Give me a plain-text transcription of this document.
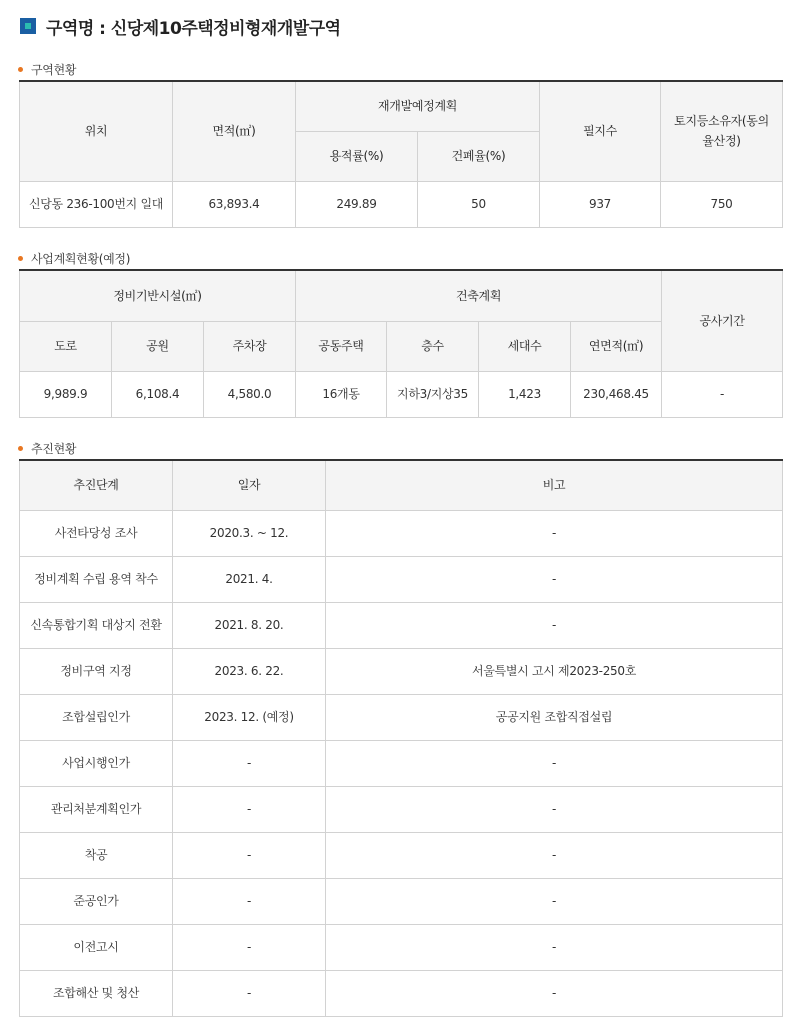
구역명 : 신당제10주택정비형재개발구역
구역현황
위치	면적(㎡)	재개발예정계획		필지수	토지등소유자(동의율산정)
		용적률(%)	건폐율(%)		
신당동 236-100번지 일대	63,893.4	249.89	50	937	750
사업계획현황(예정)
정비기반시설(㎡)			건축계획				공사기간
도로	공원	주차장	공동주택	층수	세대수	연면적(㎡)	
9,989.9	6,108.4	4,580.0	16개동	지하3/지상35	1,423	230,468.45	-
추진현황
추진단계	일자	비고
사전타당성 조사	2020.3. ~ 12.	-
정비계획 수립 용역 착수	2021. 4.	-
신속통합기획 대상지 전환	2021. 8. 20.	-
정비구역 지정	2023. 6. 22.	서울특별시 고시 제2023-250호
조합설립인가	2023. 12. (예정)	공공지원 조합직접설립
사업시행인가	-	-
관리처분계획인가	-	-
착공	-	-
준공인가	-	-
이전고시	-	-
조합해산 및 청산	-	-
